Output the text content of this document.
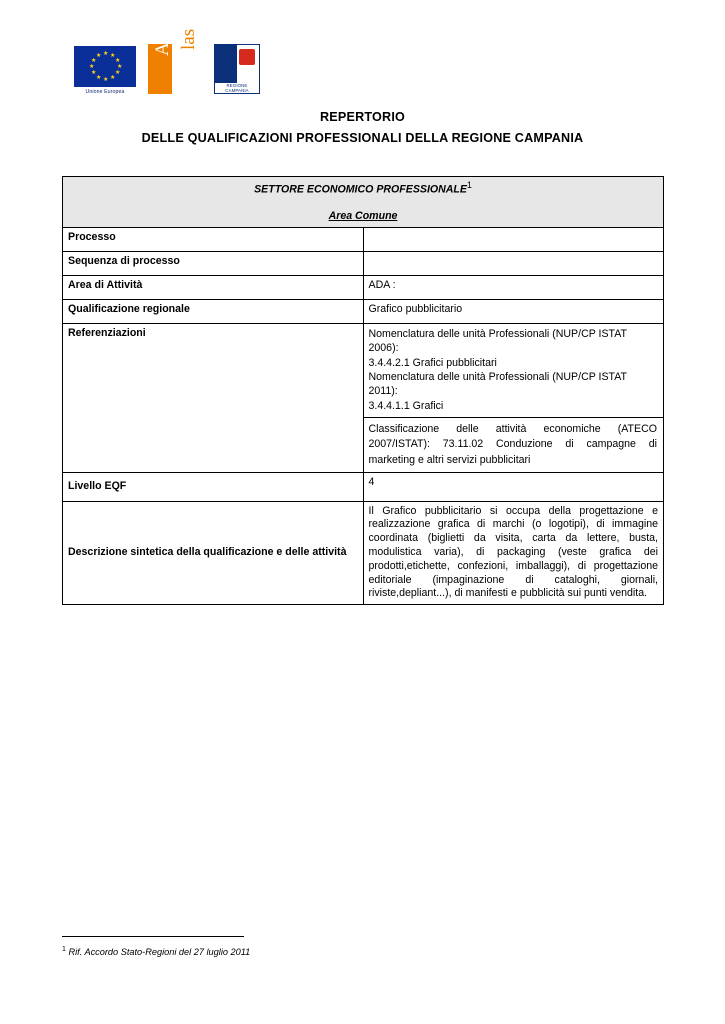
★
★ ★
★	★
★	★
★	★
★ ★
★
Unione Europea
Ar las
REGIONE CAMPANIA
REPERTORIO
DELLE QUALIFICAZIONI PROFESSIONALI DELLA REGIONE CAMPANIA
SETTORE ECONOMICO PROFESSIONALE$^1$
Area Comune
Processo	
Sequenza di processo	
Area di Attività	ADA :
Qualificazione regionale	Grafico pubblicitario
Referenziazioni		Nomenclatura delle unità Professionali (NUP/CP ISTAT 2006):
3.4.4.2.1 Grafici pubblicitari
Nomenclatura delle unità Professionali (NUP/CP ISTAT 2011):
3.4.4.1.1 Grafici

Classificazione delle attività economiche (ATECO 2007/ISTAT): 73.11.02 Conduzione di campagne di marketing e altri servizi pubblicitari

Livello EQF	4
Descrizione sintetica della qualificazione e delle attività	Il Grafico pubblicitario si occupa della progettazione e realizzazione grafica di marchi (o logotipi), di immagine coordinata (biglietti da visita, carta da lettere, busta, modulistica varia), di packaging (veste grafica dei prodotti,etichette, confezioni, imballaggi), di progettazione editoriale (impaginazione di cataloghi, giornali, riviste,depliant...), di manifesti e pubblicità sui punti vendita.
$^1$ Rif. Accordo Stato-Regioni del 27 luglio 2011
